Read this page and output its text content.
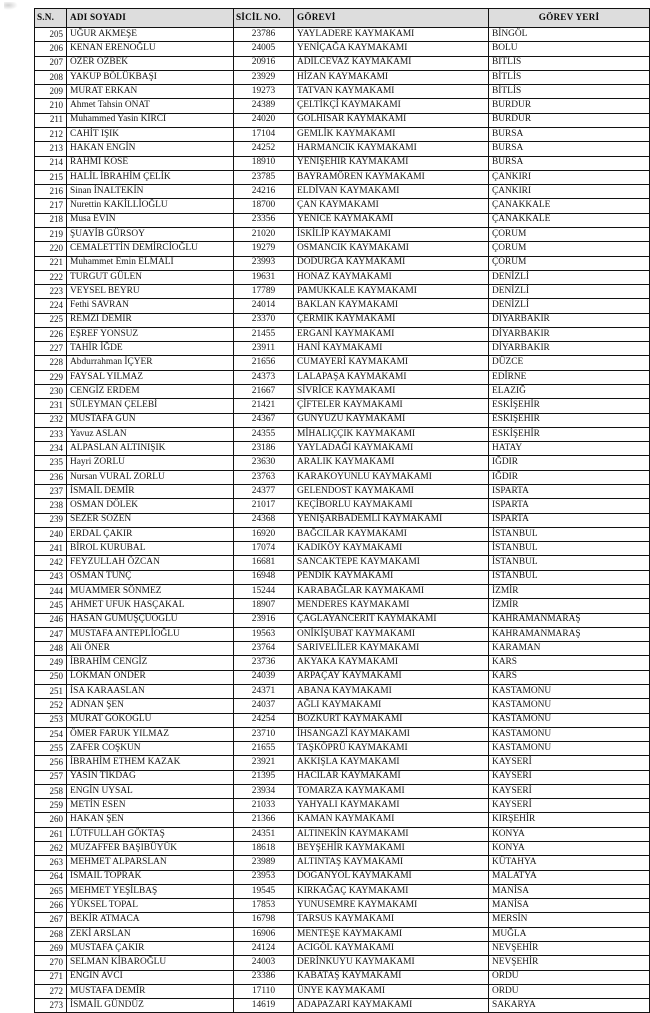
S.N.	ADI SOYADI	SİCİL NO.	GÖREVİ	GÖREV YERİ
205	UĞUR AKMEŞE	23786	YAYLADERE KAYMAKAMI	BİNGÖL
206	KENAN ERENOĞLU	24005	YENİÇAĞA KAYMAKAMI	BOLU
207	ÖZER ÖZBEK	20916	ADİLCEVAZ KAYMAKAMI	BİTLİS
208	YAKUP BÖLÜKBAŞI	23929	HİZAN KAYMAKAMI	BİTLİS
209	MURAT ERKAN	19273	TATVAN KAYMAKAMI	BİTLİS
210	Ahmet Tahsin ONAT	24389	ÇELTİKÇİ KAYMAKAMI	BURDUR
211	Muhammed Yasin KIRCI	24020	GÖLHİSAR KAYMAKAMI	BURDUR
212	CAHİT IŞIK	17104	GEMLİK KAYMAKAMI	BURSA
213	HAKAN ENGİN	24252	HARMANCIK KAYMAKAMI	BURSA
214	RAHMİ KÖSE	18910	YENİŞEHİR KAYMAKAMI	BURSA
215	HALİL İBRAHİM ÇELİK	23785	BAYRAMÖREN KAYMAKAMI	ÇANKIRI
216	Sinan İNALTEKİN	24216	ELDİVAN KAYMAKAMI	ÇANKIRI
217	Nurettin KAKİLLİOĞLU	18700	ÇAN KAYMAKAMI	ÇANAKKALE
218	Musa EVİN	23356	YENİCE KAYMAKAMI	ÇANAKKALE
219	ŞUAYİB GÜRSOY	21020	İSKİLİP KAYMAKAMI	ÇORUM
220	CEMALETTİN DEMİRCİOĞLU	19279	OSMANCIK KAYMAKAMI	ÇORUM
221	Muhammet Emin ELMALI	23993	DODURGA KAYMAKAMI	ÇORUM
222	TURGUT GÜLEN	19631	HONAZ KAYMAKAMI	DENİZLİ
223	VEYSEL BEYRU	17789	PAMUKKALE KAYMAKAMI	DENİZLİ
224	Fethi SAVRAN	24014	BAKLAN KAYMAKAMI	DENİZLİ
225	REMZİ DEMİR	23370	ÇERMİK KAYMAKAMI	DİYARBAKIR
226	EŞREF YONSUZ	21455	ERGANİ KAYMAKAMI	DİYARBAKIR
227	TAHİR İĞDE	23911	HANİ KAYMAKAMI	DİYARBAKIR
228	Abdurrahman İÇYER	21656	CUMAYERİ KAYMAKAMI	DÜZCE
229	FAYSAL YILMAZ	24373	LALAPAŞA KAYMAKAMI	EDİRNE
230	CENGİZ ERDEM	21667	SİVRİCE KAYMAKAMI	ELAZIĞ
231	SÜLEYMAN ÇELEBİ	21421	ÇİFTELER KAYMAKAMI	ESKİŞEHİR
232	MUSTAFA GÜN	24367	GÜNYÜZÜ KAYMAKAMI	ESKİŞEHİR
233	Yavuz ASLAN	24355	MİHALIÇÇIK KAYMAKAMI	ESKİŞEHİR
234	ALPASLAN ALTINIŞIK	23186	YAYLADAĞI KAYMAKAMI	HATAY
235	Hayri ZORLU	23630	ARALIK KAYMAKAMI	IĞDIR
236	Nursan VURAL ZORLU	23763	KARAKOYUNLU KAYMAKAMI	IĞDIR
237	İSMAİL DEMİR	24377	GELENDOST KAYMAKAMI	ISPARTA
238	OSMAN DÖLEK	21017	KEÇİBORLU KAYMAKAMI	ISPARTA
239	SEZER SÖZEN	24368	YENİŞARBADEMLİ KAYMAKAMI	ISPARTA
240	ERDAL ÇAKIR	16920	BAĞCILAR KAYMAKAMI	İSTANBUL
241	BİROL KURUBAL	17074	KADIKÖY KAYMAKAMI	İSTANBUL
242	FEYZULLAH ÖZCAN	16681	SANCAKTEPE KAYMAKAMI	İSTANBUL
243	OSMAN TUNÇ	16948	PENDİK KAYMAKAMİ	İSTANBUL
244	MUAMMER SÖNMEZ	15244	KARABAĞLAR KAYMAKAMI	İZMİR
245	AHMET UFUK HASÇAKAL	18907	MENDERES KAYMAKAMI	İZMİR
246	HASAN GÜMÜŞÇÜOĞLU	23916	ÇAĞLAYANCERİT KAYMAKAMI	KAHRAMANMARAŞ
247	MUSTAFA ANTEPLİOĞLU	19563	ONİKİŞUBAT KAYMAKAMI	KAHRAMANMARAŞ
248	Ali ÖNER	23764	SARIVELİLER KAYMAKAMI	KARAMAN
249	İBRAHİM CENGİZ	23736	AKYAKA KAYMAKAMI	KARS
250	LOKMAN ÖNDER	24039	ARPAÇAY KAYMAKAMI	KARS
251	İSA KARAASLAN	24371	ABANA KAYMAKAMI	KASTAMONU
252	ADNAN ŞEN	24037	AĞLI KAYMAKAMI	KASTAMONU
253	MURAT GÖKOĞLU	24254	BOZKURT KAYMAKAMI	KASTAMONU
254	ÖMER FARUK YILMAZ	23710	İHSANGAZİ KAYMAKAMI	KASTAMONU
255	ZAFER COŞKUN	21655	TAŞKÖPRÜ KAYMAKAMI	KASTAMONU
256	İBRAHİM ETHEM KAZAK	23921	AKKIŞLA KAYMAKAMI	KAYSERİ
257	YASİN TİKDAĞ	21395	HACILAR KAYMAKAMI	KAYSERİ
258	ENGİN UYSAL	23934	TOMARZA KAYMAKAMI	KAYSERİ
259	METİN ESEN	21033	YAHYALI KAYMAKAMI	KAYSERİ
260	HAKAN ŞEN	21366	KAMAN KAYMAKAMI	KIRŞEHİR
261	LÜTFULLAH GÖKTAŞ	24351	ALTINEKİN KAYMAKAMI	KONYA
262	MUZAFFER BAŞIBÜYÜK	18618	BEYŞEHİR KAYMAKAMI	KONYA
263	MEHMET ALPARSLAN	23989	ALTINTAŞ KAYMAKAMI	KÜTAHYA
264	İSMAİL TOPRAK	23953	DOĞANYOL KAYMAKAMI	MALATYA
265	MEHMET YEŞİLBAŞ	19545	KIRKAĞAÇ KAYMAKAMI	MANİSA
266	YÜKSEL TOPAL	17853	YUNUSEMRE KAYMAKAMI	MANİSA
267	BEKİR ATMACA	16798	TARSUS KAYMAKAMI	MERSİN
268	ZEKİ ARSLAN	16906	MENTEŞE KAYMAKAMI	MUĞLA
269	MUSTAFA ÇAKIR	24124	ACIGÖL KAYMAKAMI	NEVŞEHİR
270	SELMAN KİBAROĞLU	24003	DERİNKUYU KAYMAKAMI	NEVŞEHİR
271	ENGİN AVCI	23386	KABATAŞ KAYMAKAMI	ORDU
272	MUSTAFA DEMİR	17110	ÜNYE KAYMAKAMI	ORDU
273	İSMAİL GÜNDÜZ	14619	ADAPAZARI KAYMAKAMI	SAKARYA
